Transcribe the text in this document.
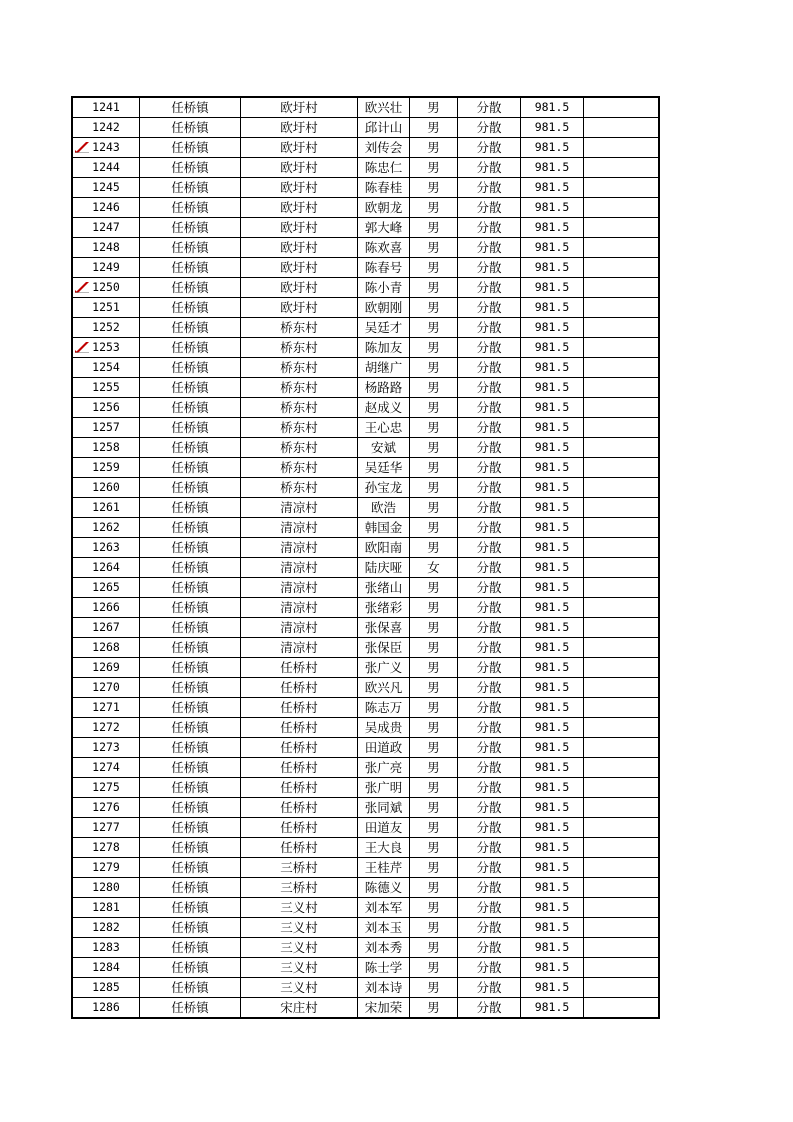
1241	任桥镇	欧圩村	欧兴壮	男	分散	981.5	
1242	任桥镇	欧圩村	邱计山	男	分散	981.5	

1243	任桥镇	欧圩村	刘传会	男	分散	981.5	
1244	任桥镇	欧圩村	陈忠仁	男	分散	981.5	
1245	任桥镇	欧圩村	陈春桂	男	分散	981.5	
1246	任桥镇	欧圩村	欧朝龙	男	分散	981.5	
1247	任桥镇	欧圩村	郭大峰	男	分散	981.5	
1248	任桥镇	欧圩村	陈欢喜	男	分散	981.5	
1249	任桥镇	欧圩村	陈春号	男	分散	981.5	

1250	任桥镇	欧圩村	陈小青	男	分散	981.5	
1251	任桥镇	欧圩村	欧朝刚	男	分散	981.5	
1252	任桥镇	桥东村	吴廷才	男	分散	981.5	

1253	任桥镇	桥东村	陈加友	男	分散	981.5	
1254	任桥镇	桥东村	胡继广	男	分散	981.5	
1255	任桥镇	桥东村	杨路路	男	分散	981.5	
1256	任桥镇	桥东村	赵成义	男	分散	981.5	
1257	任桥镇	桥东村	王心忠	男	分散	981.5	
1258	任桥镇	桥东村	安斌	男	分散	981.5	
1259	任桥镇	桥东村	吴廷华	男	分散	981.5	
1260	任桥镇	桥东村	孙宝龙	男	分散	981.5	
1261	任桥镇	清凉村	欧浩	男	分散	981.5	
1262	任桥镇	清凉村	韩国金	男	分散	981.5	
1263	任桥镇	清凉村	欧阳南	男	分散	981.5	
1264	任桥镇	清凉村	陆庆哑	女	分散	981.5	
1265	任桥镇	清凉村	张绪山	男	分散	981.5	
1266	任桥镇	清凉村	张绪彩	男	分散	981.5	
1267	任桥镇	清凉村	张保喜	男	分散	981.5	
1268	任桥镇	清凉村	张保臣	男	分散	981.5	
1269	任桥镇	任桥村	张广义	男	分散	981.5	
1270	任桥镇	任桥村	欧兴凡	男	分散	981.5	
1271	任桥镇	任桥村	陈志万	男	分散	981.5	
1272	任桥镇	任桥村	吴成贵	男	分散	981.5	
1273	任桥镇	任桥村	田道政	男	分散	981.5	
1274	任桥镇	任桥村	张广亮	男	分散	981.5	
1275	任桥镇	任桥村	张广明	男	分散	981.5	
1276	任桥镇	任桥村	张同斌	男	分散	981.5	
1277	任桥镇	任桥村	田道友	男	分散	981.5	
1278	任桥镇	任桥村	王大良	男	分散	981.5	
1279	任桥镇	三桥村	王桂芹	男	分散	981.5	
1280	任桥镇	三桥村	陈德义	男	分散	981.5	
1281	任桥镇	三义村	刘本军	男	分散	981.5	
1282	任桥镇	三义村	刘本玉	男	分散	981.5	
1283	任桥镇	三义村	刘本秀	男	分散	981.5	
1284	任桥镇	三义村	陈士学	男	分散	981.5	
1285	任桥镇	三义村	刘本诗	男	分散	981.5	
1286	任桥镇	宋庄村	宋加荣	男	分散	981.5	
